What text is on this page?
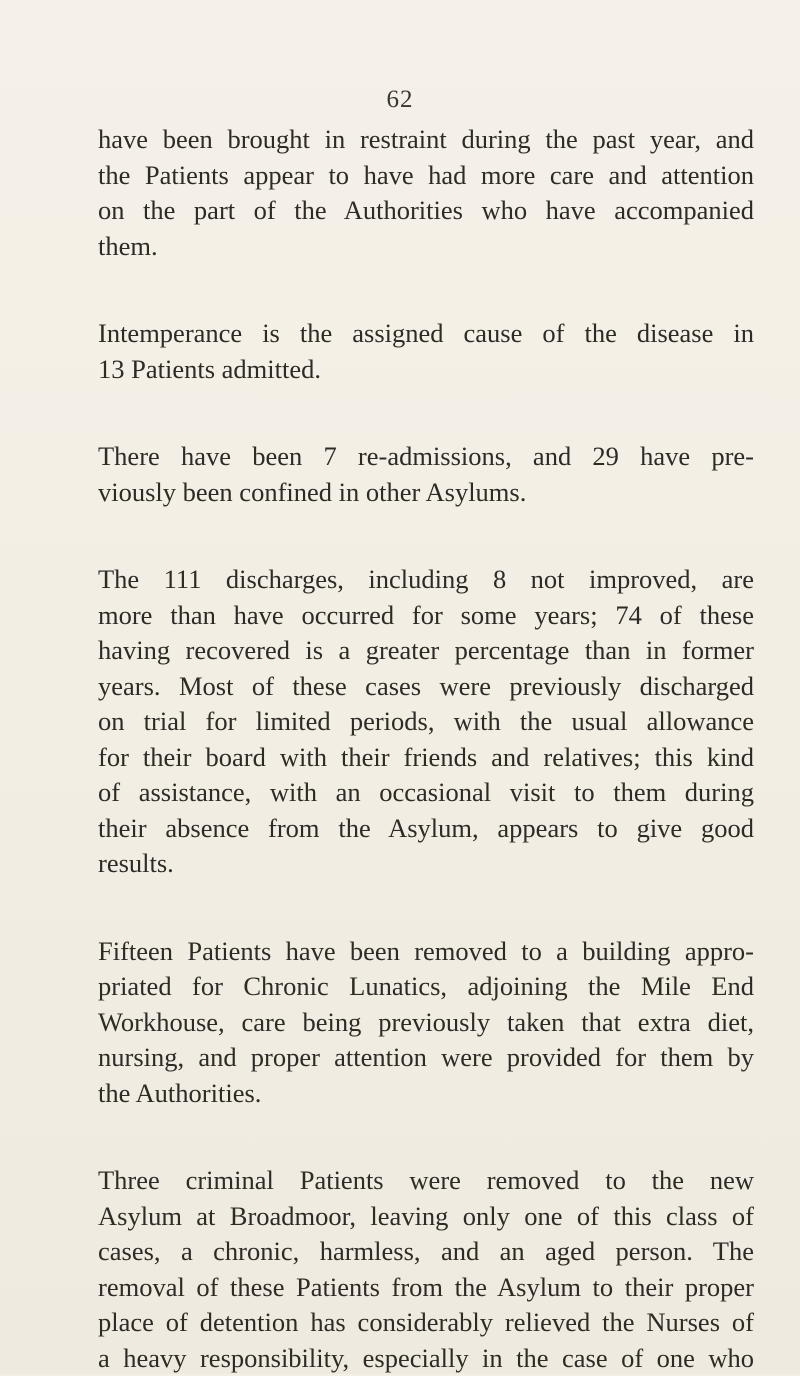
62

have been brought in restraint during the past year, and
the Patients appear to have had more care and attention
on the part of the Authorities who have accompanied
them.

Intemperance is the assigned cause of the disease in
13 Patients admitted.

There have been 7 re-admissions, and 29 have pre-
viously been confined in other Asylums.

The 111 discharges, including 8 not improved, are
more than have occurred for some years; 74 of these
having recovered is a greater percentage than in former
years. Most of these cases were previously discharged
on trial for limited periods, with the usual allowance
for their board with their friends and relatives; this kind
of assistance, with an occasional visit to them during
their absence from the Asylum, appears to give good
results.

Fifteen Patients have been removed to a building appro-
priated for Chronic Lunatics, adjoining the Mile End
Workhouse, care being previously taken that extra diet,
nursing, and proper attention were provided for them by
the Authorities.

Three criminal Patients were removed to the new
Asylum at Broadmoor, leaving only one of this class of
cases, a chronic, harmless, and an aged person. The
removal of these Patients from the Asylum to their proper
place of detention has considerably relieved the Nurses of
a heavy responsibility, especially in the case of one who
